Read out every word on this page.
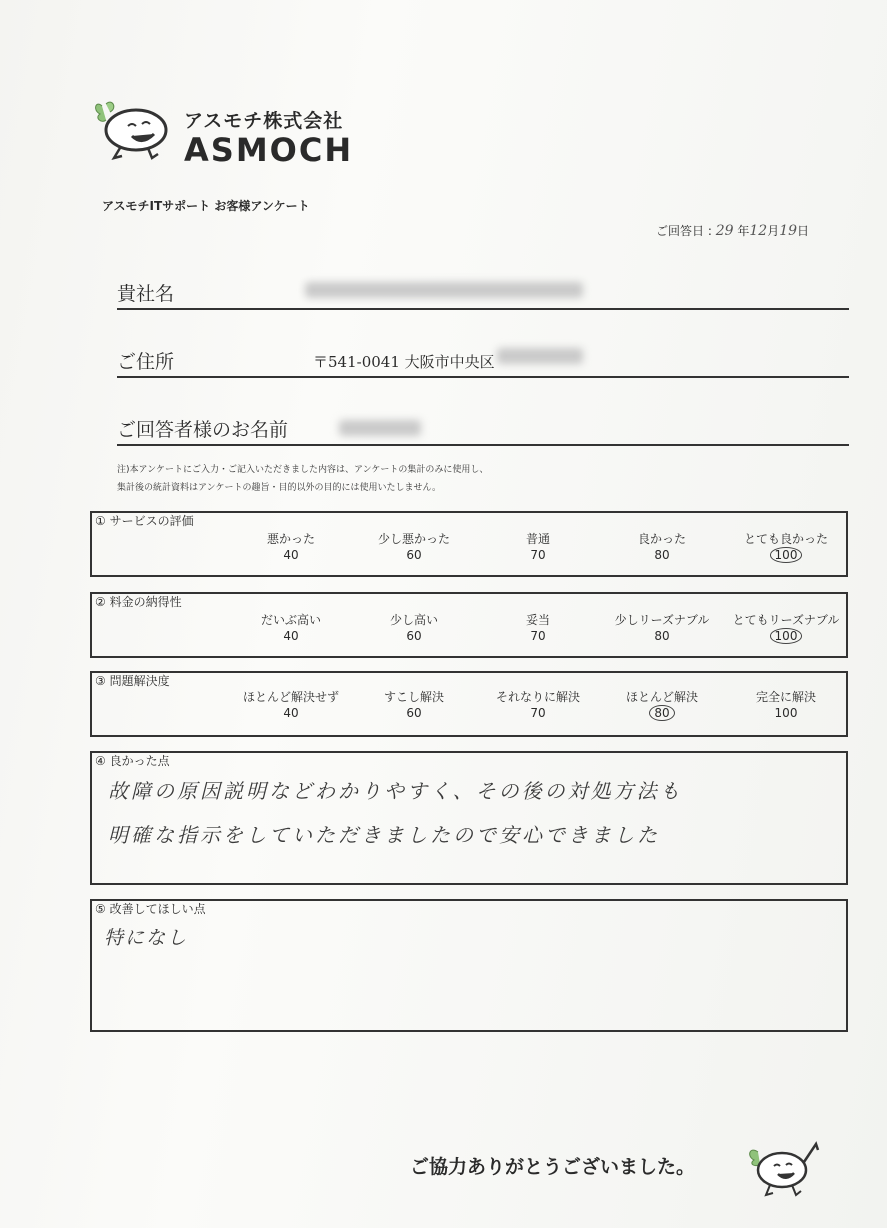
アスモチ株式会社
ASMOCH
アスモチITサポート お客様アンケート
ご回答日 : 29 年12月19日
貴社名
ご住所	〒541-0041 大阪市中央区
ご回答者様のお名前
注)本アンケートにご入力・ご記入いただきました内容は、アンケートの集計のみに使用し、
集計後の統計資料はアンケートの趣旨・目的以外の目的には使用いたしません。
① サービスの評価
悪かった
40
少し悪かった
60
普通
70
良かった
80
とても良かった
100
② 料金の納得性
だいぶ高い
40
少し高い
60
妥当
70
少しリーズナブル
80
とてもリーズナブル
100
③ 問題解決度
ほとんど解決せず
40
すこし解決
60
それなりに解決
70
ほとんど解決
80
完全に解決
100
④ 良かった点
故障の原因説明などわかりやすく、その後の対処方法も
明確な指示をしていただきましたので安心できました
⑤ 改善してほしい点
特になし
ご協力ありがとうございました。
